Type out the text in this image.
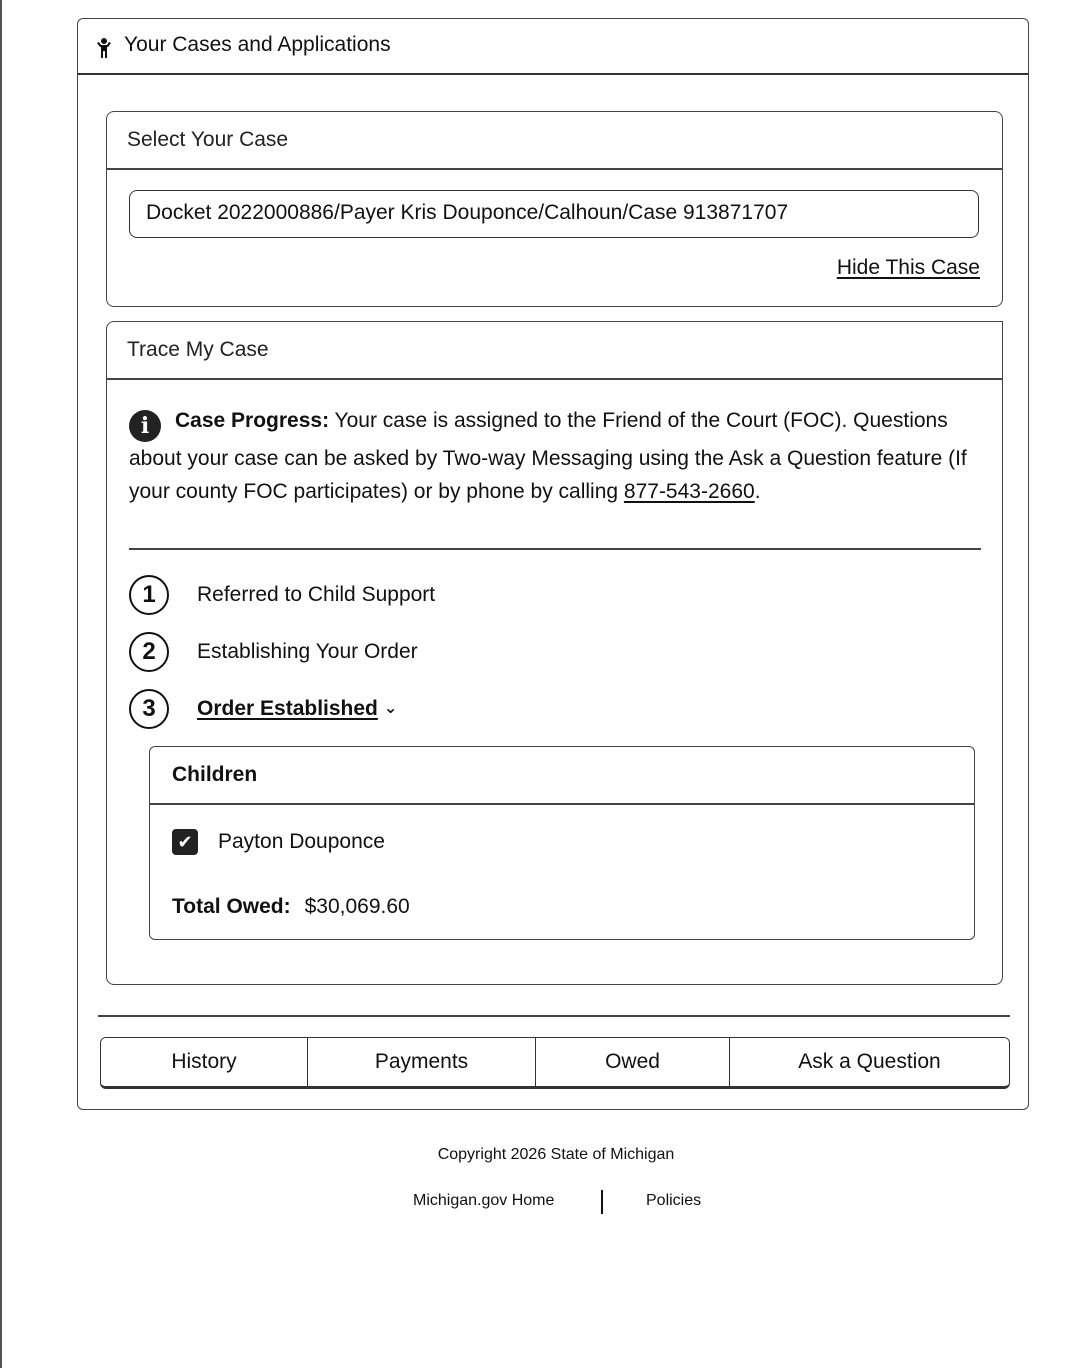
Your Cases and Applications
Select Your Case
Docket 2022000886/Payer Kris Douponce/Calhoun/Case 913871707
Hide This Case
Trace My Case
i Case Progress: Your case is assigned to the Friend of the Court (FOC). Questions about your case can be asked by Two-way Messaging using the Ask a Question feature (If your county FOC participates) or by phone by calling 877-543-2660.
1	Referred to Child Support
2	Establishing Your Order
3	Order Established ⌄
Children
✔ Payton Douponce
Total Owed: $30,069.60
History	Payments	Owed	Ask a Question
Copyright 2026 State of Michigan
Michigan.gov Home	Policies
